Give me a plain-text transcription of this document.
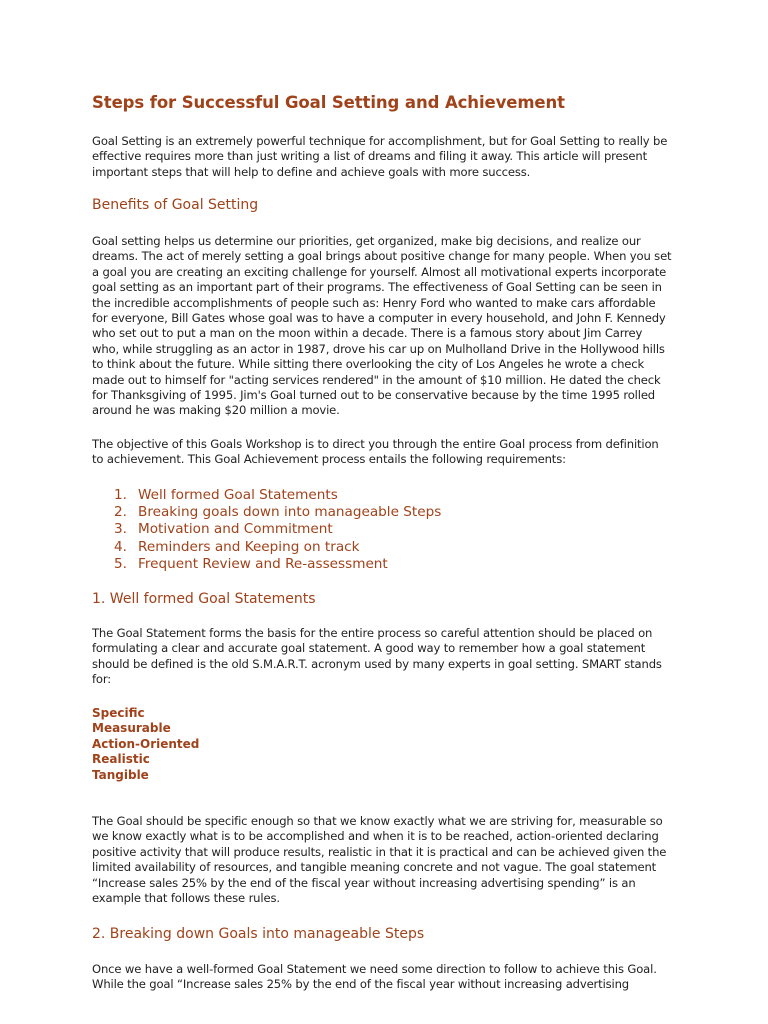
Steps for Successful Goal Setting and Achievement
Goal Setting is an extremely powerful technique for accomplishment, but for Goal Setting to really be
effective requires more than just writing a list of dreams and filing it away. This article will present
important steps that will help to define and achieve goals with more success.
Benefits of Goal Setting
Goal setting helps us determine our priorities, get organized, make big decisions, and realize our
dreams. The act of merely setting a goal brings about positive change for many people. When you set
a goal you are creating an exciting challenge for yourself. Almost all motivational experts incorporate
goal setting as an important part of their programs. The effectiveness of Goal Setting can be seen in
the incredible accomplishments of people such as: Henry Ford who wanted to make cars affordable
for everyone, Bill Gates whose goal was to have a computer in every household, and John F. Kennedy
who set out to put a man on the moon within a decade. There is a famous story about Jim Carrey
who, while struggling as an actor in 1987, drove his car up on Mulholland Drive in the Hollywood hills
to think about the future. While sitting there overlooking the city of Los Angeles he wrote a check
made out to himself for "acting services rendered" in the amount of $10 million. He dated the check
for Thanksgiving of 1995. Jim's Goal turned out to be conservative because by the time 1995 rolled
around he was making $20 million a movie.
The objective of this Goals Workshop is to direct you through the entire Goal process from definition
to achievement. This Goal Achievement process entails the following requirements:
1. Well formed Goal Statements
2. Breaking goals down into manageable Steps
3. Motivation and Commitment
4. Reminders and Keeping on track
5. Frequent Review and Re-assessment
1. Well formed Goal Statements
The Goal Statement forms the basis for the entire process so careful attention should be placed on
formulating a clear and accurate goal statement. A good way to remember how a goal statement
should be defined is the old S.M.A.R.T. acronym used by many experts in goal setting. SMART stands
for:
Specific
Measurable
Action-Oriented
Realistic
Tangible
The Goal should be specific enough so that we know exactly what we are striving for, measurable so
we know exactly what is to be accomplished and when it is to be reached, action-oriented declaring
positive activity that will produce results, realistic in that it is practical and can be achieved given the
limited availability of resources, and tangible meaning concrete and not vague. The goal statement
“Increase sales 25% by the end of the fiscal year without increasing advertising spending” is an
example that follows these rules.
2. Breaking down Goals into manageable Steps
Once we have a well-formed Goal Statement we need some direction to follow to achieve this Goal.
While the goal “Increase sales 25% by the end of the fiscal year without increasing advertising
